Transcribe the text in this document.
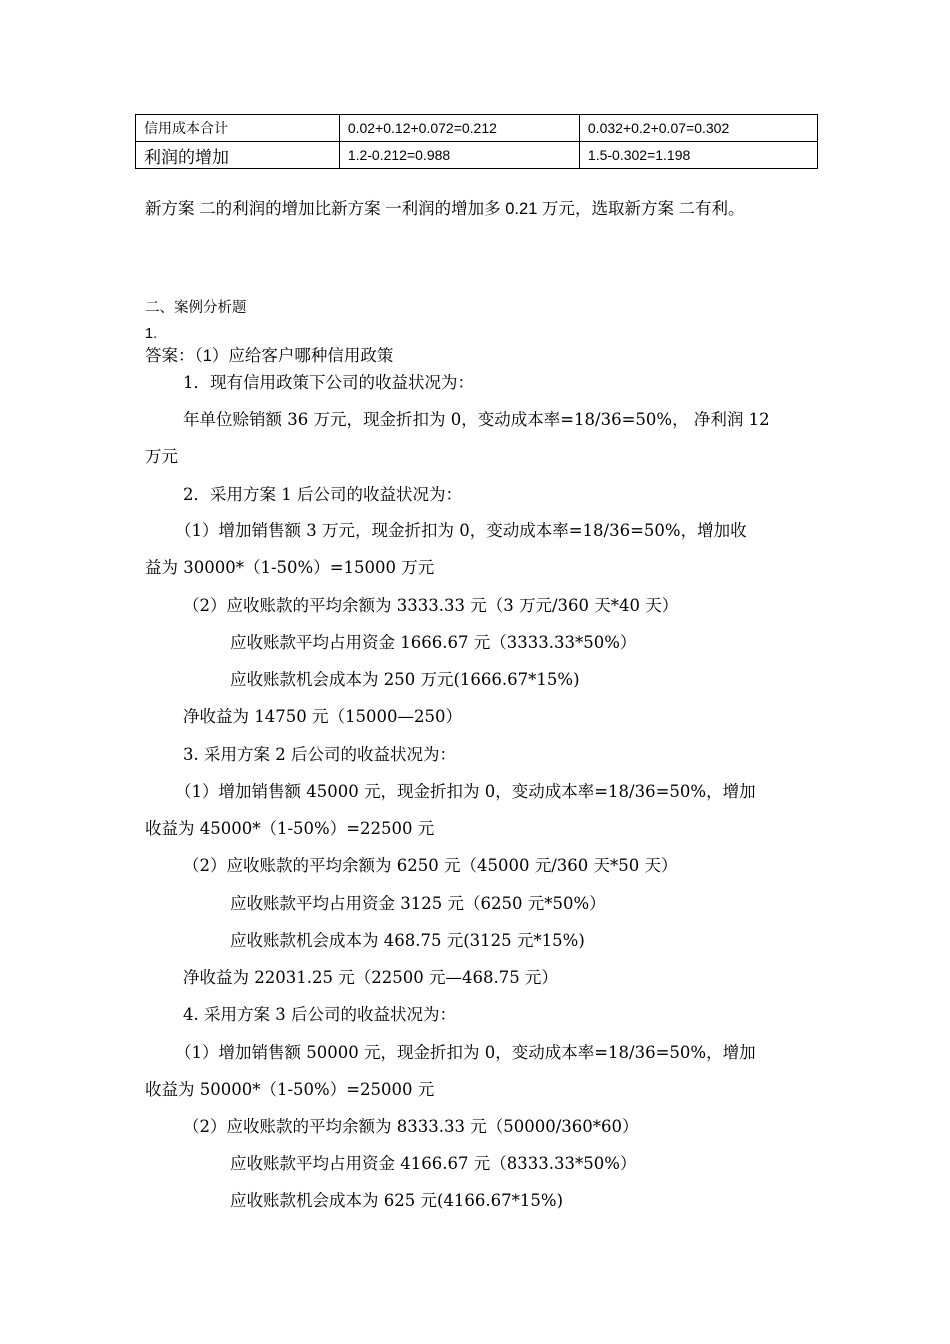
信用成本合计	0.02+0.12+0.072=0.212	0.032+0.2+0.07=0.302
利润的增加	1.2-0.212=0.988	1.5-0.302=1.198
新方案 二的利润的增加比新方案 一利润的增加多 0.21 万元，选取新方案 二有利。
二、案例分析题
1.
答案：（1）应给客户哪种信用政策
1．现有信用政策下公司的收益状况为：
年单位赊销额 36 万元，现金折扣为 0，变动成本率=18/36=50%， 净利润 12
万元
2．采用方案 1 后公司的收益状况为：
（1）增加销售额 3 万元，现金折扣为 0，变动成本率=18/36=50%，增加收
益为 30000*（1-50%）=15000 万元
（2）应收账款的平均余额为 3333.33 元（3 万元/360 天*40 天）
应收账款平均占用资金 1666.67 元（3333.33*50%）
应收账款机会成本为 250 万元(1666.67*15%)
净收益为 14750 元（15000—250）
3. 采用方案 2 后公司的收益状况为：
（1）增加销售额 45000 元，现金折扣为 0，变动成本率=18/36=50%，增加
收益为 45000*（1-50%）=22500 元
（2）应收账款的平均余额为 6250 元（45000 元/360 天*50 天）
应收账款平均占用资金 3125 元（6250 元*50%）
应收账款机会成本为 468.75 元(3125 元*15%)
净收益为 22031.25 元（22500 元—468.75 元）
4. 采用方案 3 后公司的收益状况为：
（1）增加销售额 50000 元，现金折扣为 0，变动成本率=18/36=50%，增加
收益为 50000*（1-50%）=25000 元
（2）应收账款的平均余额为 8333.33 元（50000/360*60）
应收账款平均占用资金 4166.67 元（8333.33*50%）
应收账款机会成本为 625 元(4166.67*15%)
